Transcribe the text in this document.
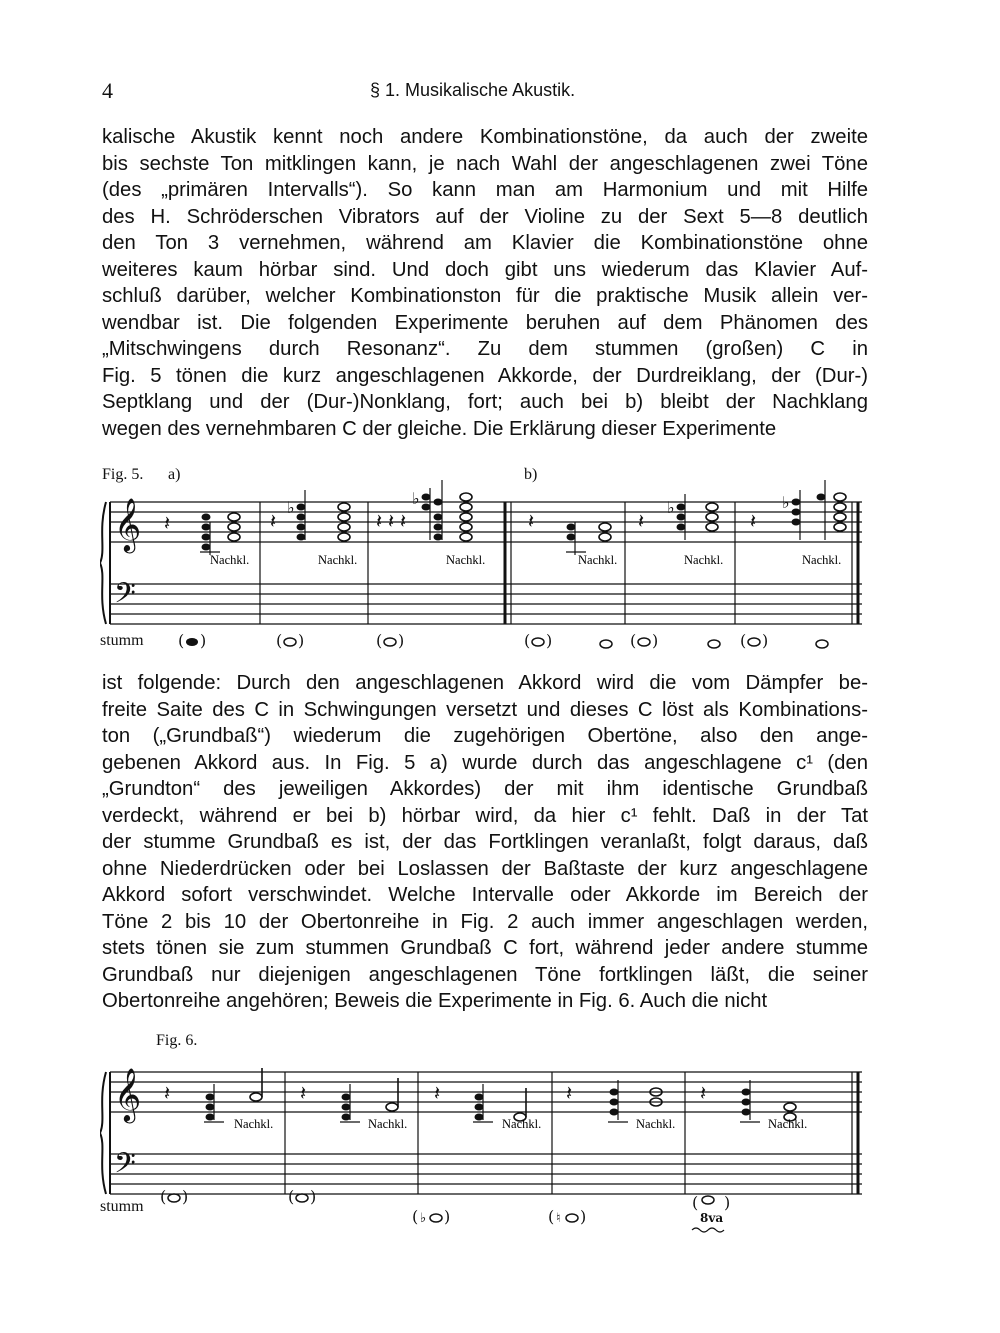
4	§ 1. Musikalische Akustik.

kalische Akustik kennt noch andere Kombinationstöne, da auch der zweite
bis sechste Ton mitklingen kann, je nach Wahl der angeschlagenen zwei Töne
(des „primären Intervalls“). So kann man am Harmonium und mit Hilfe
des H. Schröderschen Vibrators auf der Violine zu der Sext 5—8 deutlich
den Ton 3 vernehmen, während am Klavier die Kombinationstöne ohne
weiteres kaum hörbar sind. Und doch gibt uns wiederum das Klavier Auf-
schluß darüber, welcher Kombinationston für die praktische Musik allein ver-
wendbar ist. Die folgenden Experimente beruhen auf dem Phänomen des
„Mitschwingens durch Resonanz“. Zu dem stummen (großen) C in
Fig. 5 tönen die kurz angeschlagenen Akkorde, der Durdreiklang, der (Dur-)
Septklang und der (Dur-)Nonklang, fort; auch bei b) bleibt der Nachklang
wegen des vernehmbaren C der gleiche. Die Erklärung dieser Experimente

Fig. 5. a)	b)
𝄞
𝄢
𝄽	𝄽	𝄽 𝄽 𝄽	𝄽	𝄽	𝄽
♭	♭	♭	♭
Nachkl.	Nachkl.	Nachkl.	Nachkl.	Nachkl.	Nachkl.
( )	( )	( )	( )	( )	( )
stumm

ist folgende: Durch den angeschlagenen Akkord wird die vom Dämpfer be-
freite Saite des C in Schwingungen versetzt und dieses C löst als Kombinations-
ton („Grundbaß“) wiederum die zugehörigen Obertöne, also den ange-
gebenen Akkord aus. In Fig. 5 a) wurde durch das angeschlagene c¹ (den
„Grundton“ des jeweiligen Akkordes) der mit ihm identische Grundbaß
verdeckt, während er bei b) hörbar wird, da hier c¹ fehlt. Daß in der Tat
der stumme Grundbaß es ist, der das Fortklingen veranlaßt, folgt daraus, daß
ohne Niederdrücken oder bei Loslassen der Baßtaste der kurz angeschlagene
Akkord sofort verschwindet. Welche Intervalle oder Akkorde im Bereich der
Töne 2 bis 10 der Obertonreihe in Fig. 2 auch immer angeschlagen werden,
stets tönen sie zum stummen Grundbaß C fort, während jeder andere stumme
Grundbaß nur diejenigen angeschlagenen Töne fortklingen läßt, die seiner
Obertonreihe angehören; Beweis die Experimente in Fig. 6. Auch die nicht

Fig. 6.
𝄞
𝄢
𝄽	𝄽	𝄽	𝄽	𝄽
Nachkl.	Nachkl.	Nachkl.	Nachkl.	Nachkl.
( )	( )
( ♭ )	( ♮ )
( )
8va
stumm
